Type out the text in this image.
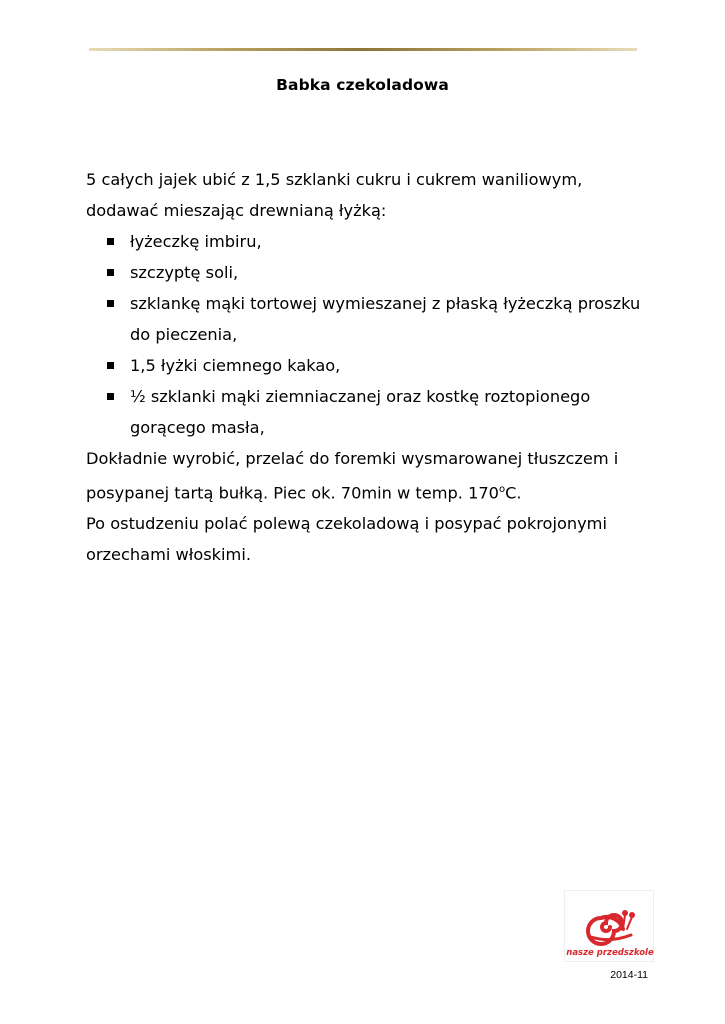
Babka czekoladowa

5 całych jajek ubić z 1,5 szklanki cukru i cukrem waniliowym,

dodawać mieszając drewnianą łyżką:

łyżeczkę imbiru,
szczyptę soli,
szklankę mąki tortowej wymieszanej z płaską łyżeczką proszku do pieczenia,
1,5 łyżki ciemnego kakao,
½ szklanki mąki ziemniaczanej oraz kostkę roztopionego gorącego masła,

Dokładnie wyrobić, przelać do foremki wysmarowanej tłuszczem i posypanej tartą bułką. Piec ok. 70min w temp. 170$^o$C.

Po ostudzeniu polać polewą czekoladową i posypać pokrojonymi orzechami włoskimi.

nasze przedszkole
2014-11
